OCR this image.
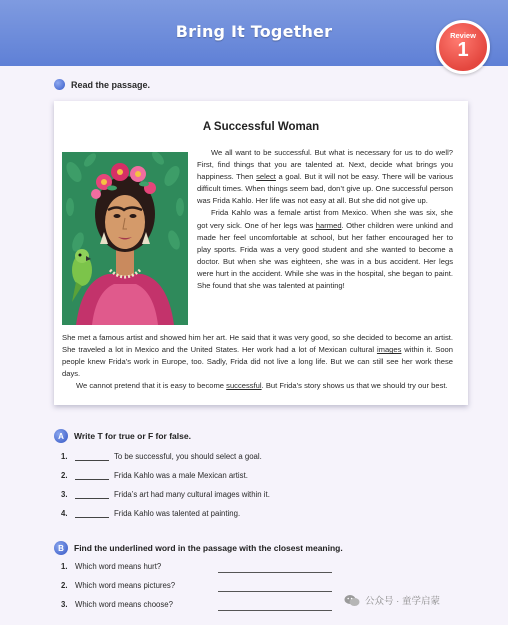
Bring It Together	Review
1
Read the passage.
A Successful Woman

We all want to be successful. But what is necessary for us to do well? First, find things that you are talented at. Next, decide what brings you happiness. Then select a goal. But it will not be easy. There will be various difficult times. When things seem bad, don’t give up. One successful person was Frida Kahlo. Her life was not easy at all. But she did not give up.

Frida Kahlo was a female artist from Mexico. When she was six, she got very sick. One of her legs was harmed. Other children were unkind and made her feel uncomfortable at school, but her father encouraged her to play sports. Frida was a very good student and she wanted to become a doctor. But when she was eighteen, she was in a bus accident. Her legs were hurt in the accident. While she was in the hospital, she began to paint. She found that she was talented at painting!

She met a famous artist and showed him her art. He said that it was very good, so she decided to become an artist. She traveled a lot in Mexico and the United States. Her work had a lot of Mexican cultural images within it. Soon people knew Frida’s work in Europe, too. Sadly, Frida did not live a long life. But we can still see her work these days.

We cannot pretend that it is easy to become successful. But Frida’s story shows us that we should try our best.

A	Write T for true or F for false.
1.	To be successful, you should select a goal.
2.	Frida Kahlo was a male Mexican artist.
3.	Frida’s art had many cultural images within it.
4.	Frida Kahlo was talented at painting.
B	Find the underlined word in the passage with the closest meaning.
1. Which word means hurt?
2. Which word means pictures?
3. Which word means choose?	公众号 · 童学启蒙
